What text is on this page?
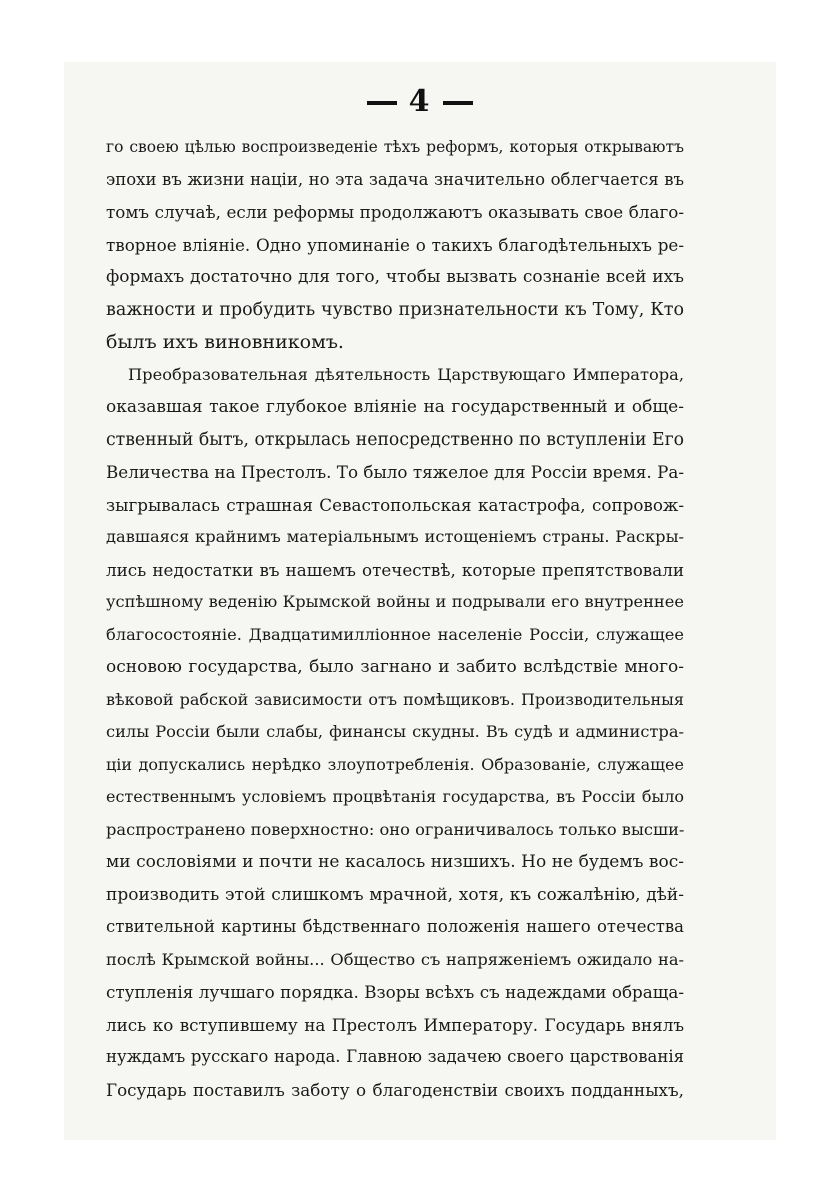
4
го своею цѣлью воспроизведенiе тѣхъ реформъ, которыя открываютъ
эпохи въ жизни націи, но эта задача значительно облегчается въ
томъ случаѣ, если реформы продолжаютъ оказывать свое благо-
творное влiянiе. Одно упоминанiе о такихъ благодѣтельныхъ ре-
формахъ достаточно для того, чтобы вызвать сознанiе всей ихъ
важности и пробудить чувство признательности къ Тому, Кто
былъ ихъ виновникомъ.
Преобразовательная дѣятельность Царствующаго Императора,
оказавшая такое глубокое влiянiе на государственный и обще-
ственный бытъ, открылась непосредственно по вступленiи Его
Величества на Престолъ. То было тяжелое для Россiи время. Ра-
зыгрывалась страшная Севастопольская катастрофа, сопровож-
давшаяся крайнимъ матерiальнымъ истощенiемъ страны. Раскры-
лись недостатки въ нашемъ отечествѣ, которые препятствовали
успѣшному веденiю Крымской войны и подрывали его внутреннее
благосостоянiе. Двадцатимилліонное населенiе Россiи, служащее
основою государства, было загнано и забито вслѣдствiе много-
вѣковой рабской зависимости отъ помѣщиковъ. Производительныя
силы Россiи были слабы, финансы скудны. Въ судѣ и администра-
цiи допускались нерѣдко злоупотребленiя. Образованiе, служащее
естественнымъ условiемъ процвѣтанiя государства, въ Россiи было
распространено поверхностно: оно ограничивалось только высши-
ми сословiями и почти не касалось низшихъ. Но не будемъ вос-
производить этой слишкомъ мрачной, хотя, къ сожалѣнiю, дѣй-
ствительной картины бѣдственнаго положенiя нашего отечества
послѣ Крымской войны... Общество съ напряженiемъ ожидало на-
ступленiя лучшаго порядка. Взоры всѣхъ съ надеждами обраща-
лись ко вступившему на Престолъ Императору. Государь внялъ
нуждамъ русскаго народа. Главною задачею своего царствованiя
Государь поставилъ заботу о благоденствiи своихъ подданныхъ,
